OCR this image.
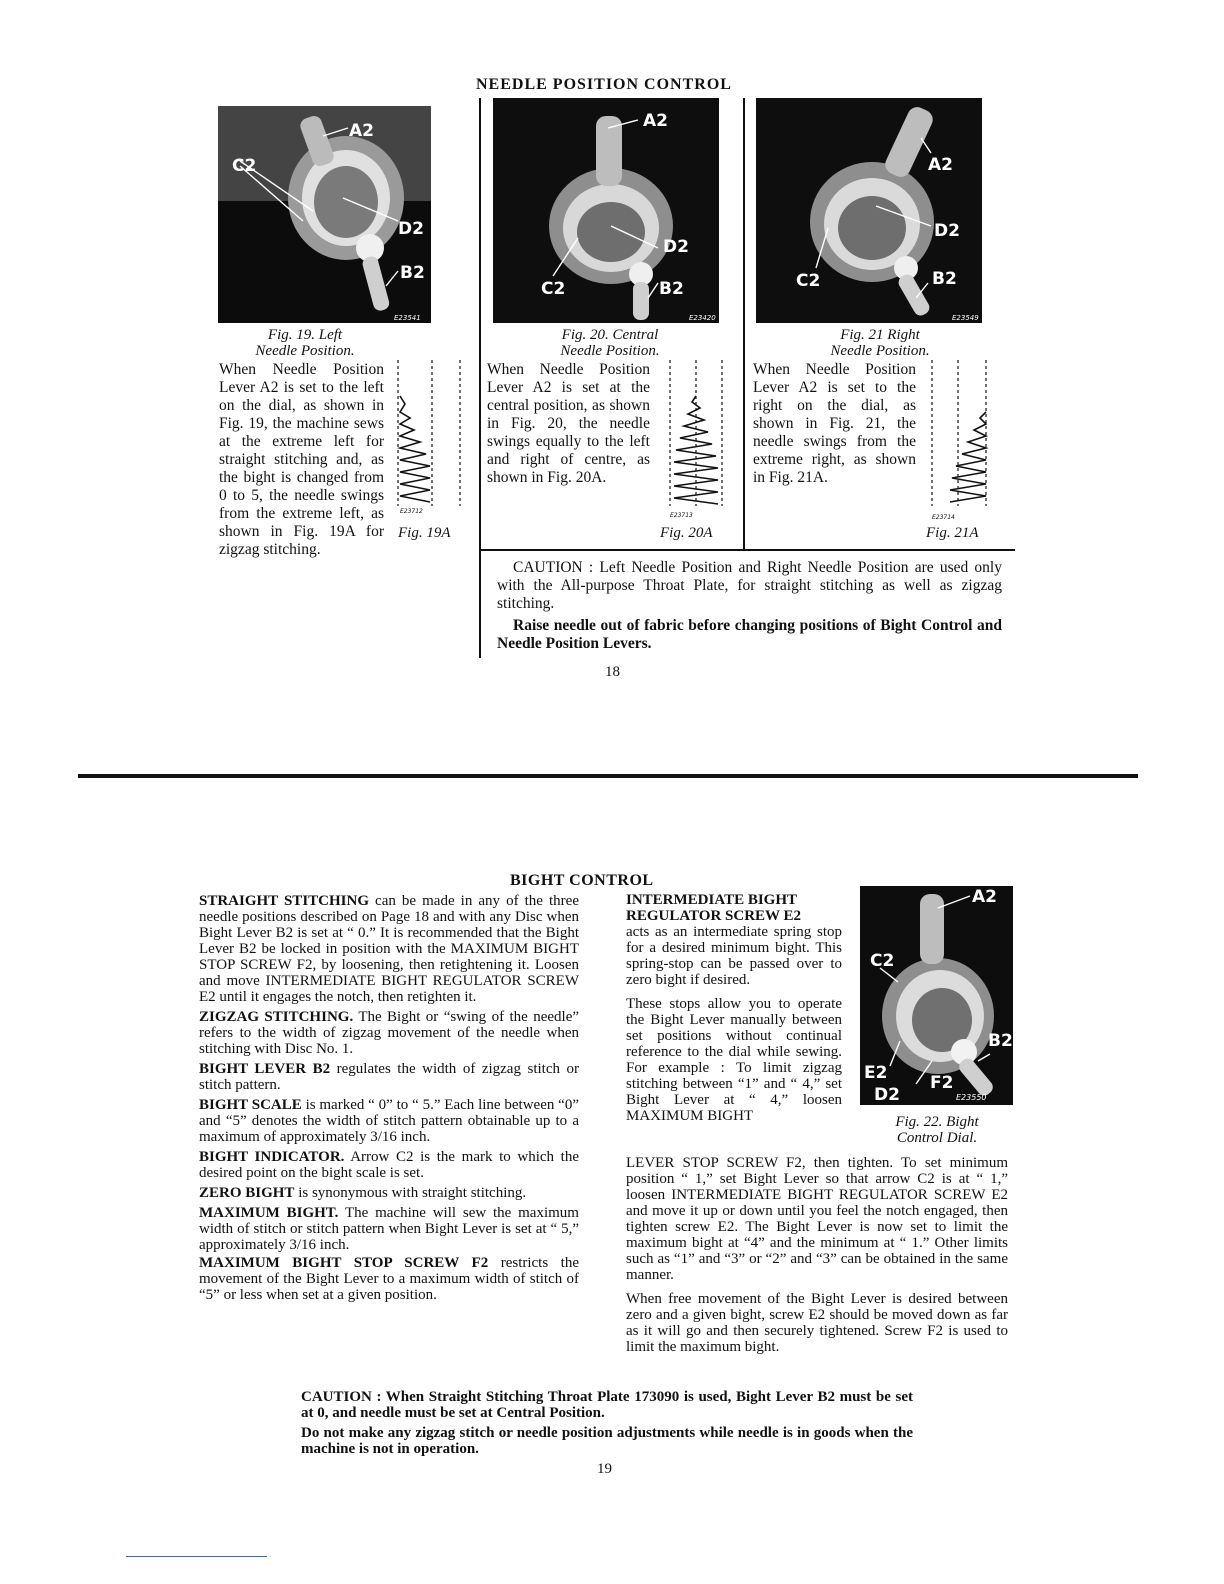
NEEDLE POSITION CONTROL
A2
C2
D2
B2
E23541
A2
D2
C2	B2
E23420
A2
D2
C2	B2
E23549
Fig. 19. Left
Needle Position.
Fig. 20. Central
Needle Position.
Fig. 21 Right
Needle Position.
When Needle Position Lever A2 is set to the left on the dial, as shown in Fig. 19, the machine sews at the extreme left for straight stitching and, as the bight is changed from 0 to 5, the needle swings from the extreme left, as shown in Fig. 19A for zigzag stitching.
When Needle Position Lever A2 is set at the central position, as shown in Fig. 20, the needle swings equally to the left and right of centre, as shown in Fig. 20A.
When Needle Position Lever A2 is set to the right on the dial, as shown in Fig. 21, the needle swings from the extreme right, as shown in Fig. 21A.
E23712
Fig. 19A
E23713
Fig. 20A
E23714
Fig. 21A

CAUTION : Left Needle Position and Right Needle Position are used only with the All-purpose Throat Plate, for straight stitching as well as zigzag stitching.

Raise needle out of fabric before changing positions of Bight Control and Needle Position Levers.

18
BIGHT CONTROL

STRAIGHT STITCHING can be made in any of the three needle positions described on Page 18 and with any Disc when Bight Lever B2 is set at “ 0.” It is recommended that the Bight Lever B2 be locked in position with the MAXIMUM BIGHT STOP SCREW F2, by loosening, then retightening it. Loosen and move INTERMEDIATE BIGHT REGULATOR SCREW E2 until it engages the notch, then retighten it.

ZIGZAG STITCHING. The Bight or “swing of the needle” refers to the width of zigzag movement of the needle when stitching with Disc No. 1.

BIGHT LEVER B2 regulates the width of zigzag stitch or stitch pattern.

BIGHT SCALE is marked “ 0” to “ 5.” Each line between “0” and “5” denotes the width of stitch pattern obtainable up to a maximum of approximately 3/16 inch.

BIGHT INDICATOR. Arrow C2 is the mark to which the desired point on the bight scale is set.

ZERO BIGHT is synonymous with straight stitching.

MAXIMUM BIGHT. The machine will sew the maximum width of stitch or stitch pattern when Bight Lever is set at “ 5,” approximately 3/16 inch.

MAXIMUM BIGHT STOP SCREW F2 restricts the movement of the Bight Lever to a maximum width of stitch of “5” or less when set at a given position.

INTERMEDIATE BIGHT REGULATOR SCREW E2

acts as an intermediate spring stop for a desired minimum bight. This spring-stop can be passed over to zero bight if desired.

These stops allow you to operate the Bight Lever manually between set positions without continual reference to the dial while sewing. For example : To limit zigzag stitching between “1” and “ 4,” set Bight Lever at “ 4,” loosen MAXIMUM BIGHT

A2
C2
B2
E2	F2
D2	E23550
Fig. 22. Bight
Control Dial.

LEVER STOP SCREW F2, then tighten. To set minimum position “ 1,” set Bight Lever so that arrow C2 is at “ 1,” loosen INTERMEDIATE BIGHT REGULATOR SCREW E2 and move it up or down until you feel the notch engaged, then tighten screw E2. The Bight Lever is now set to limit the maximum bight at “4” and the minimum at “ 1.” Other limits such as “1” and “3” or “2” and “3” can be obtained in the same manner.

When free movement of the Bight Lever is desired between zero and a given bight, screw E2 should be moved down as far as it will go and then securely tightened. Screw F2 is used to limit the maximum bight.

CAUTION : When Straight Stitching Throat Plate 173090 is used, Bight Lever B2 must be set at 0, and needle must be set at Central Position.

Do not make any zigzag stitch or needle position adjustments while needle is in goods when the machine is not in operation.

19
